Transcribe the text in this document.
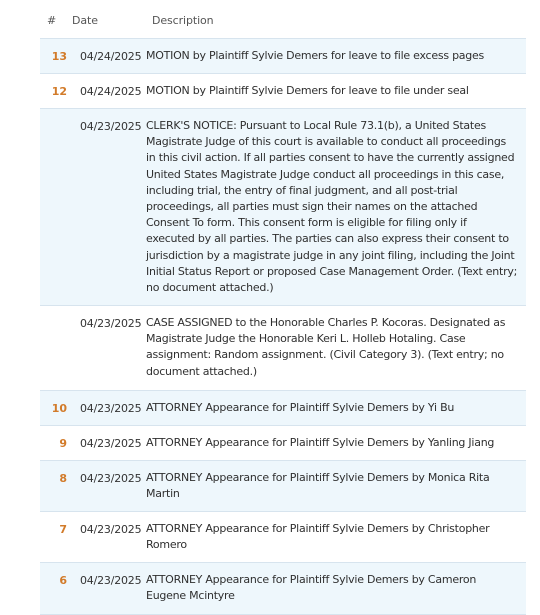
# Date	Description
13 04/24/2025 MOTION by Plaintiff Sylvie Demers for leave to file excess pages
12 04/24/2025 MOTION by Plaintiff Sylvie Demers for leave to file under seal
04/23/2025 CLERK'S NOTICE: Pursuant to Local Rule 73.1(b), a United States Magistrate Judge of this court is available to conduct all proceedings in this civil action. If all parties consent to have the currently assigned United States Magistrate Judge conduct all proceedings in this case, including trial, the entry of final judgment, and all post-trial proceedings, all parties must sign their names on the attached Consent To form. This consent form is eligible for filing only if executed by all parties. The parties can also express their consent to jurisdiction by a magistrate judge in any joint filing, including the Joint Initial Status Report or proposed Case Management Order. (Text entry; no document attached.)
04/23/2025 CASE ASSIGNED to the Honorable Charles P. Kocoras. Designated as Magistrate Judge the Honorable Keri L. Holleb Hotaling. Case assignment: Random assignment. (Civil Category 3). (Text entry; no document attached.)
10 04/23/2025 ATTORNEY Appearance for Plaintiff Sylvie Demers by Yi Bu
9 04/23/2025 ATTORNEY Appearance for Plaintiff Sylvie Demers by Yanling Jiang
8 04/23/2025 ATTORNEY Appearance for Plaintiff Sylvie Demers by Monica Rita Martin
7 04/23/2025 ATTORNEY Appearance for Plaintiff Sylvie Demers by Christopher Romero
6 04/23/2025 ATTORNEY Appearance for Plaintiff Sylvie Demers by Cameron Eugene Mcintyre
